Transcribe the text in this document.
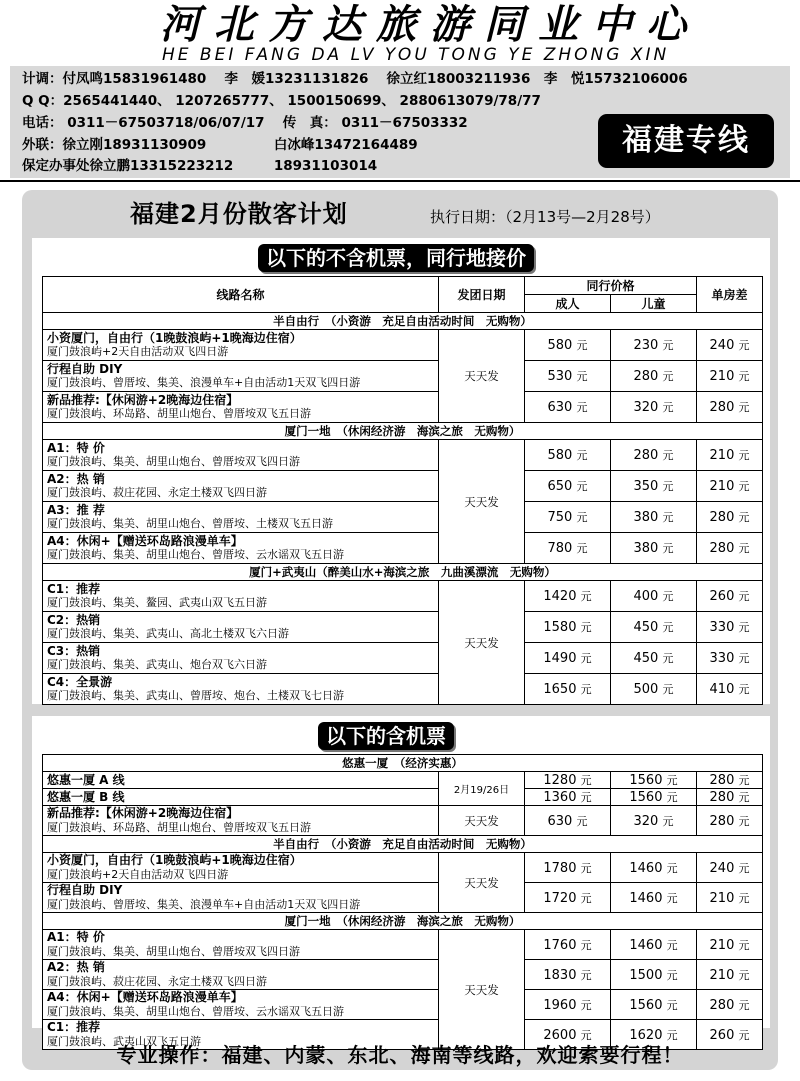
河北方达旅游同业中心
HE BEI FANG DA LV YOU TONG YE ZHONG XIN
计调：付凤鸣15831961480　 李　媛13231131826　 徐立红18003211936　李　悦15732106006
Q Q：2565441440、 1207265777、 1500150699、 2880613079/78/77
电话： 0311－67503718/06/07/17　 传　真： 0311－67503332
外联：徐立刚18931130909　　　　　白冰峰13472164489
保定办事处徐立鹏13315223212　　　18931103014
福建专线
福建2月份散客计划	执行日期：（2月13号—2月28号）
以下的不含机票，同行地接价
线路名称	发团日期	同行价格		单房差
		成人	儿童	
半自由行　（小资游　充足自由活动时间　无购物）				

小资厦门，自由行（1晚鼓浪屿+1晚海边住宿）
厦门鼓浪屿+2天自由活动双飞四日游	天天发	580 元	230 元	240 元

行程自助 DIY
厦门鼓浪屿、曾厝垵、集美、浪漫单车+自由活动1天双飞四日游		530 元	280 元	210 元

新品推荐:【休闲游+2晚海边住宿】
厦门鼓浪屿、环岛路、胡里山炮台、曾厝垵双飞五日游		630 元	320 元	280 元
厦门一地　（休闲经济游　海滨之旅　无购物）				

A1：特 价
厦门鼓浪屿、集美、胡里山炮台、曾厝垵双飞四日游	天天发	580 元	280 元	210 元

A2：热 销
厦门鼓浪屿、菽庄花园、永定土楼双飞四日游		650 元	350 元	210 元

A3：推 荐
厦门鼓浪屿、集美、胡里山炮台、曾厝垵、土楼双飞五日游		750 元	380 元	280 元

A4：休闲+【赠送环岛路浪漫单车】
厦门鼓浪屿、集美、胡里山炮台、曾厝垵、云水谣双飞五日游		780 元	380 元	280 元
厦门+武夷山（醉美山水+海滨之旅　九曲溪漂流　无购物）				

C1：推荐
厦门鼓浪屿、集美、鳌园、武夷山双飞五日游	天天发	1420 元	400 元	260 元

C2：热销
厦门鼓浪屿、集美、武夷山、高北土楼双飞六日游		1580 元	450 元	330 元

C3：热销
厦门鼓浪屿、集美、武夷山、炮台双飞六日游		1490 元	450 元	330 元

C4：全景游
厦门鼓浪屿、集美、武夷山、曾厝垵、炮台、土楼双飞七日游		1650 元	500 元	410 元
以下的含机票
悠惠一厦　（经济实惠）				

悠惠一厦 A 线	2月19/26日	1280 元	1560 元	280 元

悠惠一厦 B 线		1360 元	1560 元	280 元

新品推荐:【休闲游+2晚海边住宿】
厦门鼓浪屿、环岛路、胡里山炮台、曾厝垵双飞五日游	天天发	630 元	320 元	280 元
半自由行　（小资游　充足自由活动时间　无购物）				

小资厦门，自由行（1晚鼓浪屿+1晚海边住宿）
厦门鼓浪屿+2天自由活动双飞四日游	天天发	1780 元	1460 元	240 元

行程自助 DIY
厦门鼓浪屿、曾厝垵、集美、浪漫单车+自由活动1天双飞四日游		1720 元	1460 元	210 元
厦门一地　（休闲经济游　海滨之旅　无购物）				

A1：特 价
厦门鼓浪屿、集美、胡里山炮台、曾厝垵双飞四日游	天天发	1760 元	1460 元	210 元

A2：热 销
厦门鼓浪屿、菽庄花园、永定土楼双飞四日游		1830 元	1500 元	210 元

A4：休闲+【赠送环岛路浪漫单车】
厦门鼓浪屿、集美、胡里山炮台、曾厝垵、云水谣双飞五日游		1960 元	1560 元	280 元

C1：推荐
厦门鼓浪屿、武夷山双飞五日游		2600 元	1620 元	260 元
专业操作：福建、内蒙、东北、海南等线路，欢迎索要行程！
